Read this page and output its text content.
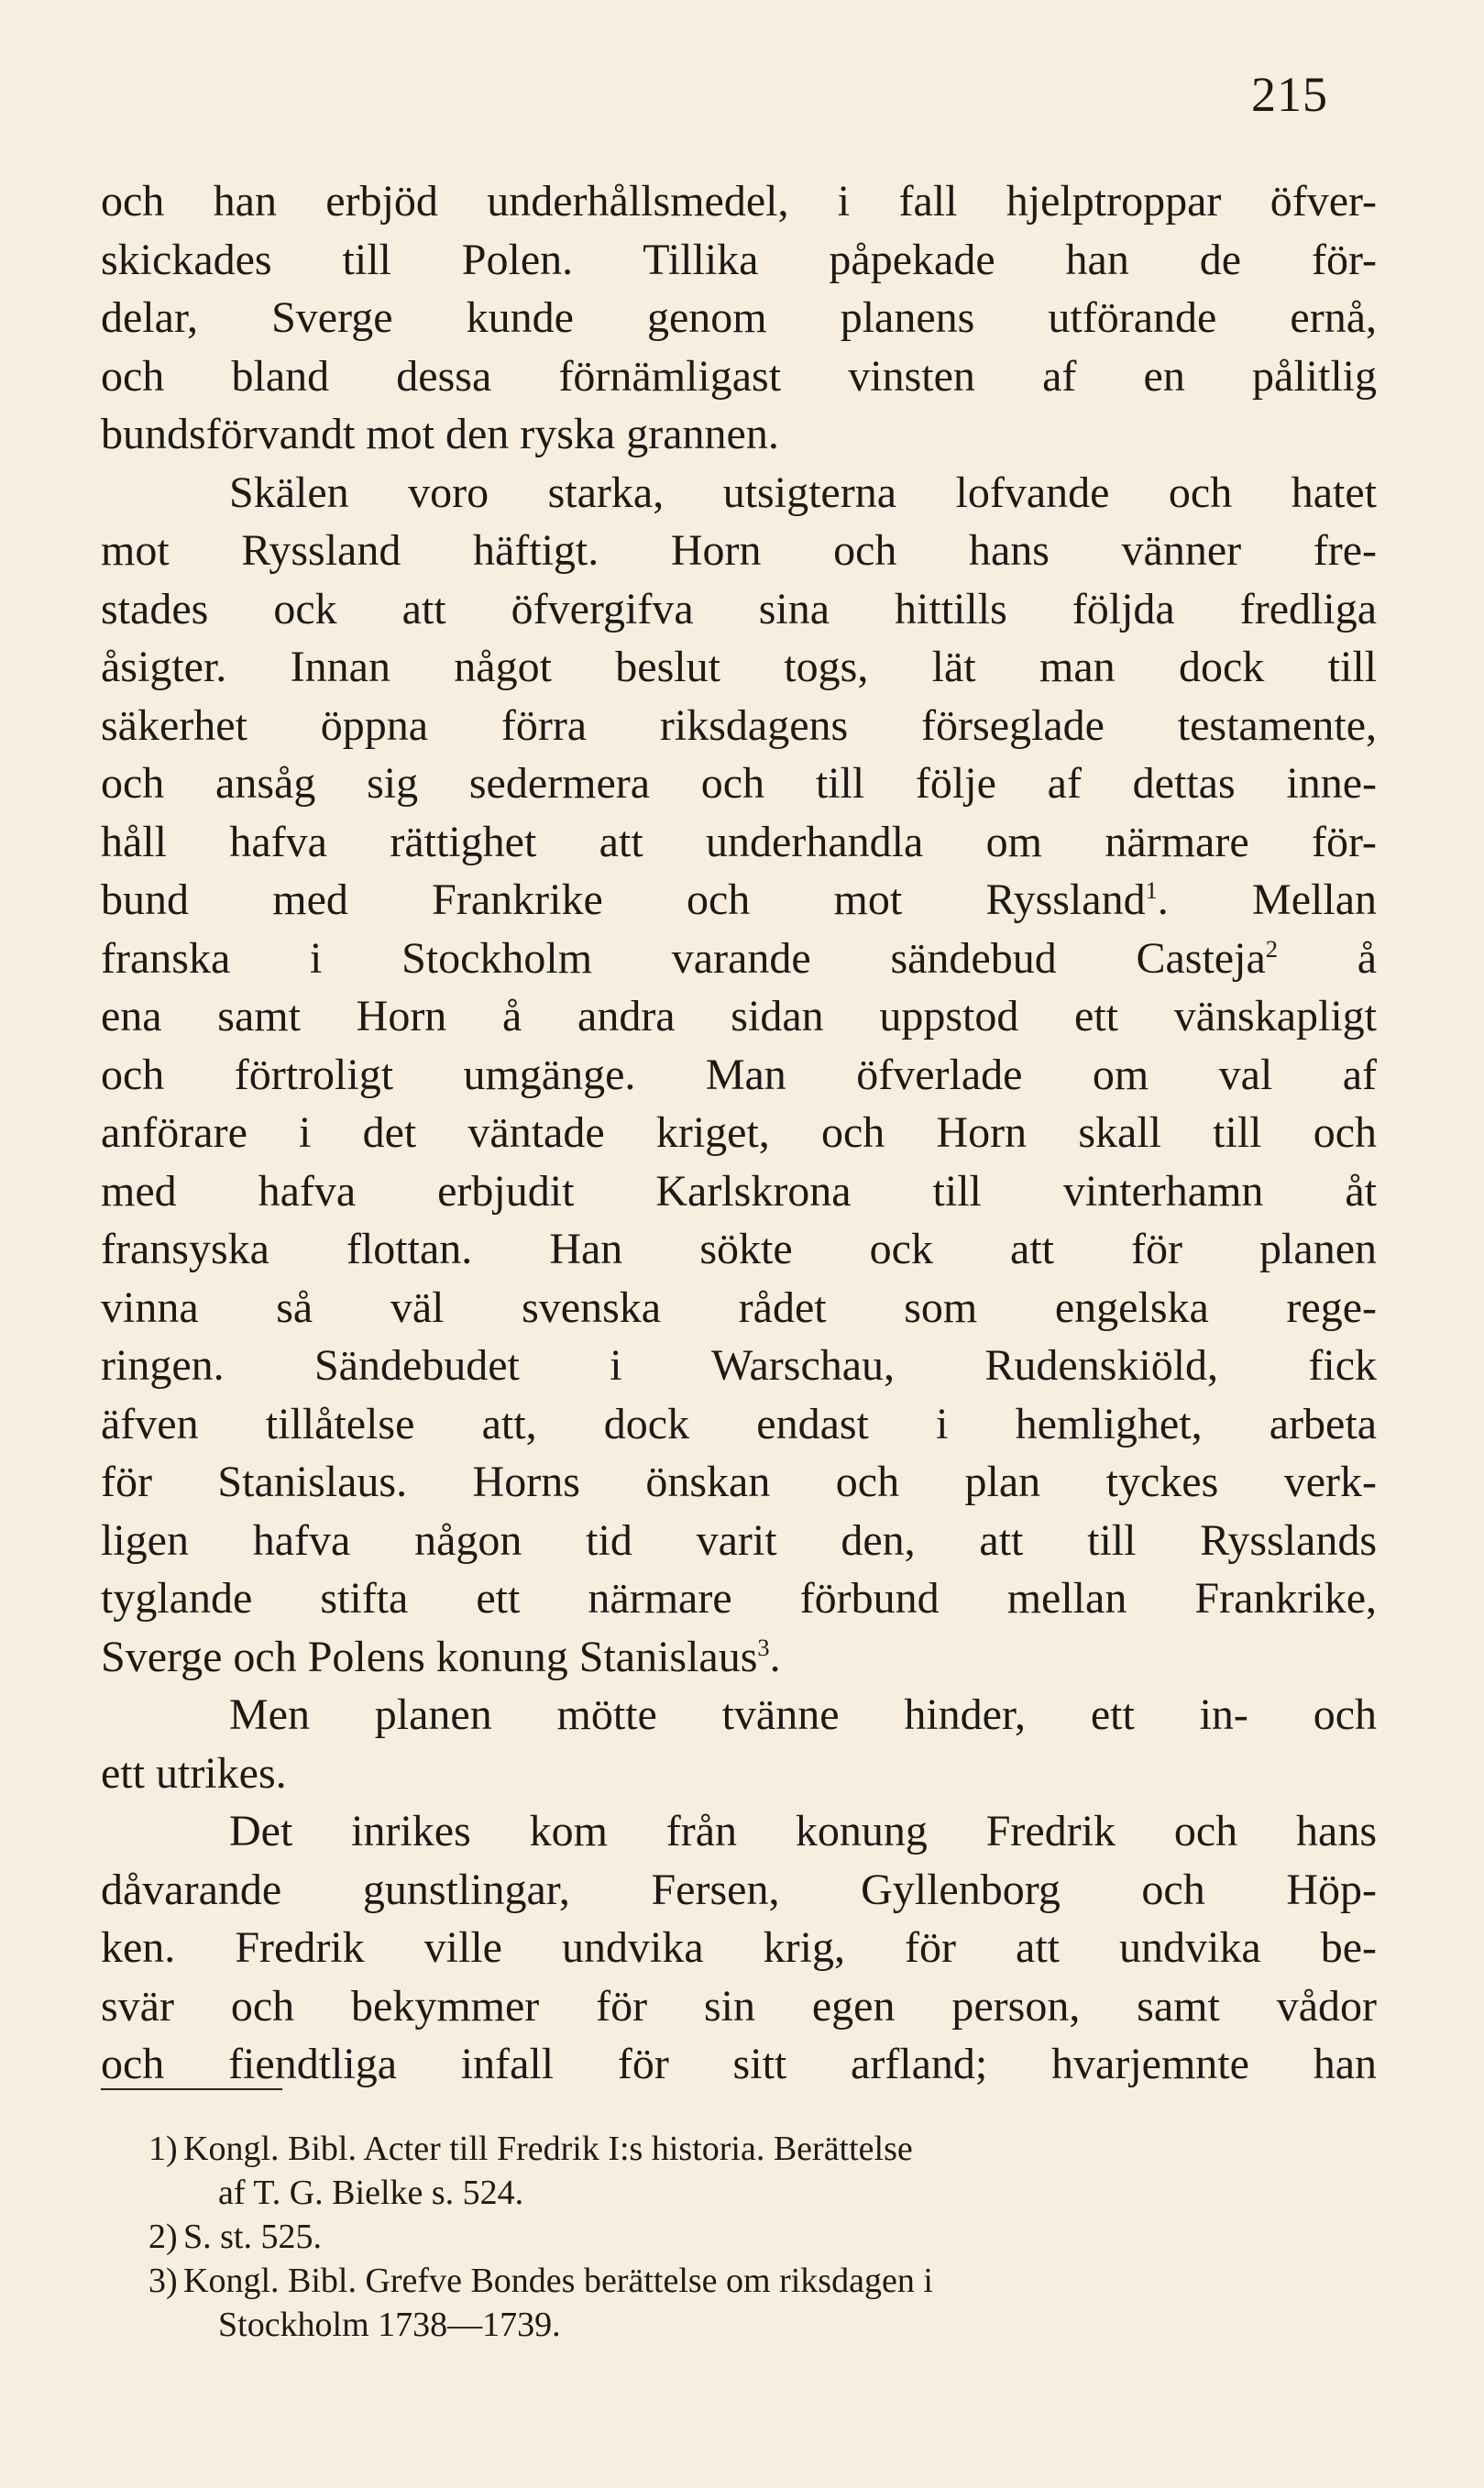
215
och han erbjöd underhållsmedel, i fall hjelptroppar öfver-
skickades till Polen. Tillika påpekade han de för-
delar, Sverge kunde genom planens utförande ernå,
och bland dessa förnämligast vinsten af en pålitlig
bundsförvandt mot den ryska grannen.
Skälen voro starka, utsigterna lofvande och hatet
mot Ryssland häftigt. Horn och hans vänner fre-
stades ock att öfvergifva sina hittills följda fredliga
åsigter. Innan något beslut togs, lät man dock till
säkerhet öppna förra riksdagens förseglade testamente,
och ansåg sig sedermera och till följe af dettas inne-
håll hafva rättighet att underhandla om närmare för-
bund med Frankrike och mot Ryssland$^1$. Mellan
franska i Stockholm varande sändebud Casteja$^2$ å
ena samt Horn å andra sidan uppstod ett vänskapligt
och förtroligt umgänge. Man öfverlade om val af
anförare i det väntade kriget, och Horn skall till och
med hafva erbjudit Karlskrona till vinterhamn åt
fransyska flottan. Han sökte ock att för planen
vinna så väl svenska rådet som engelska rege-
ringen. Sändebudet i Warschau, Rudenskiöld, fick
äfven tillåtelse att, dock endast i hemlighet, arbeta
för Stanislaus. Horns önskan och plan tyckes verk-
ligen hafva någon tid varit den, att till Rysslands
tyglande stifta ett närmare förbund mellan Frankrike,
Sverge och Polens konung Stanislaus$^3$.
Men planen mötte tvänne hinder, ett in- och
ett utrikes.
Det inrikes kom från konung Fredrik och hans
dåvarande gunstlingar, Fersen, Gyllenborg och Höp-
ken. Fredrik ville undvika krig, för att undvika be-
svär och bekymmer för sin egen person, samt vådor
och fiendtliga infall för sitt arfland; hvarjemnte han
1) Kongl. Bibl. Acter till Fredrik I:s historia. Berättelse
af T. G. Bielke s. 524.
2) S. st. 525.
3) Kongl. Bibl. Grefve Bondes berättelse om riksdagen i
Stockholm 1738—1739.
